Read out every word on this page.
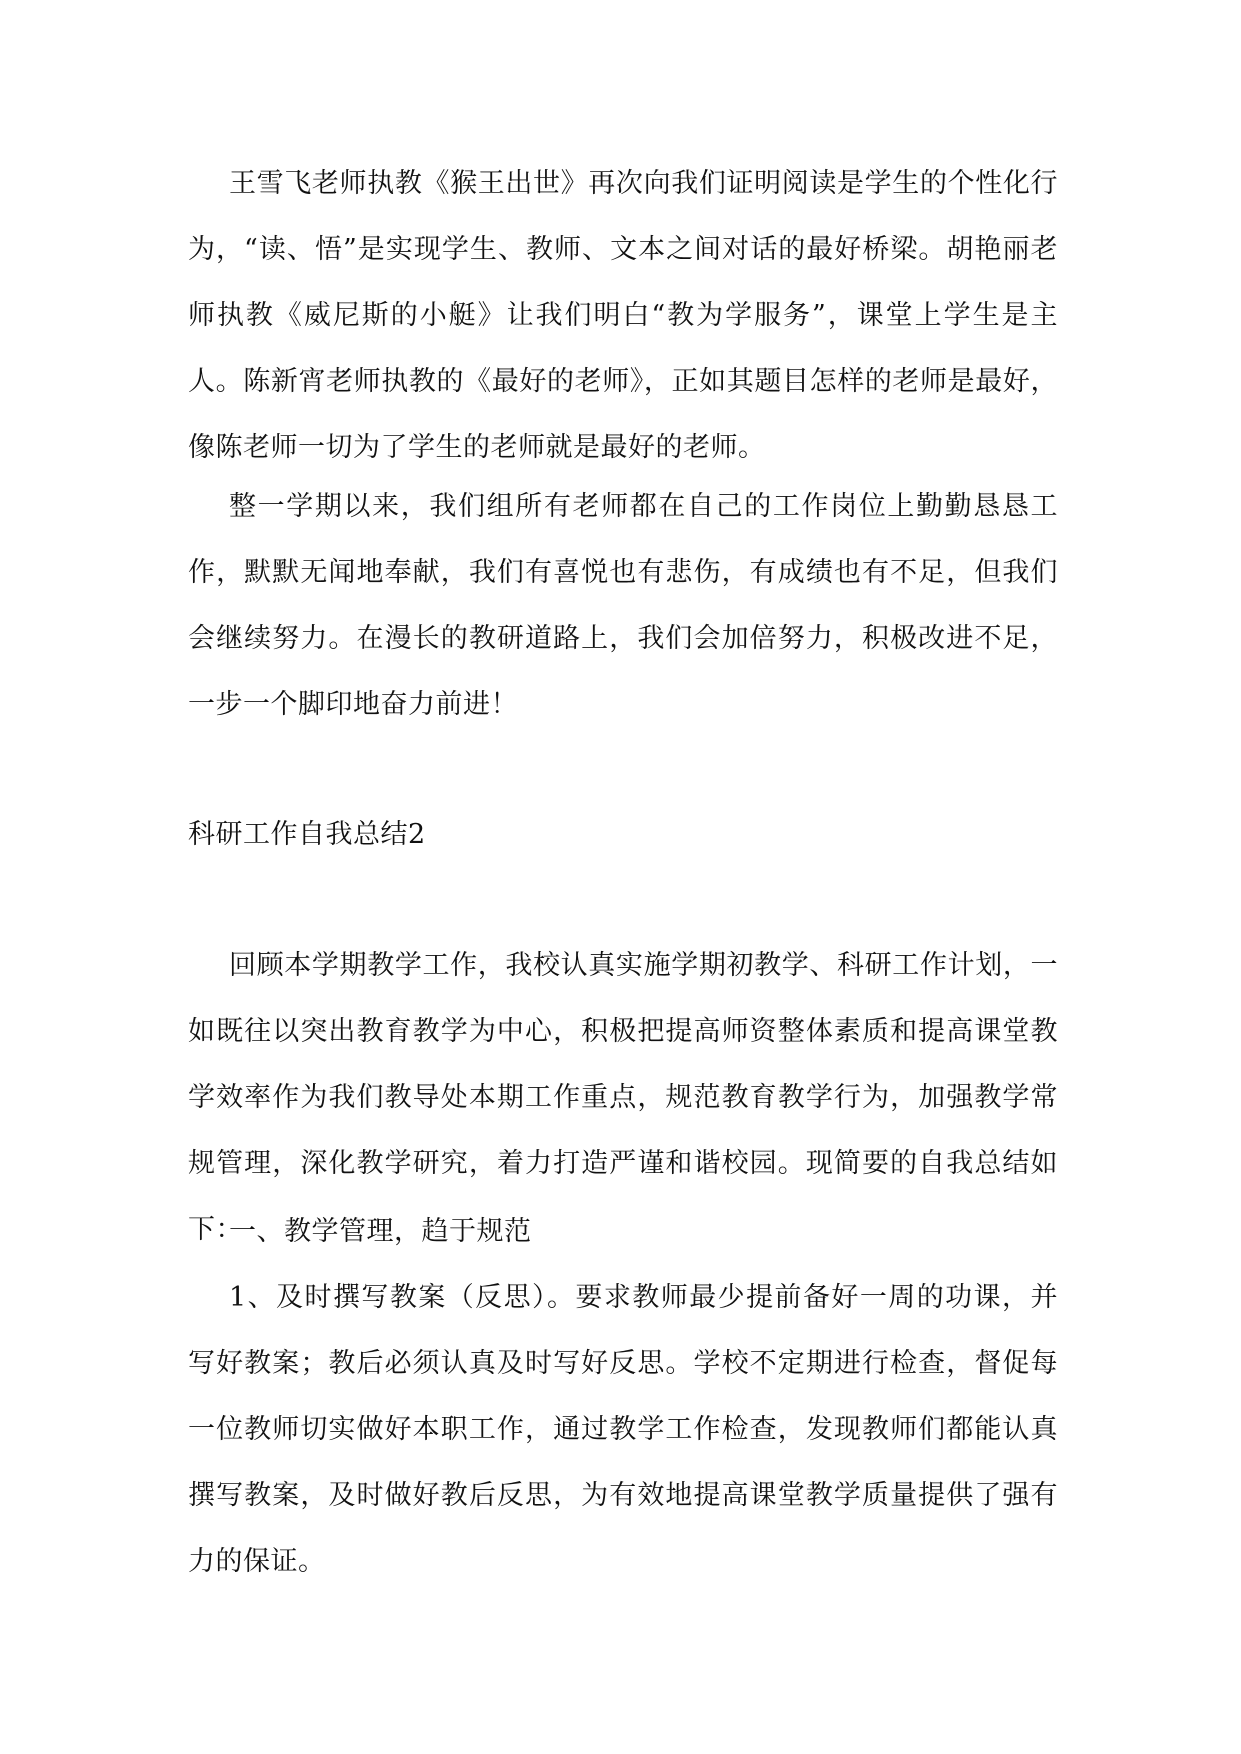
王雪飞老师执教《猴王出世》再次向我们证明阅读是学生的个性化行为，“读、悟”是实现学生、教师、文本之间对话的最好桥梁。胡艳丽老师执教《威尼斯的小艇》让我们明白“教为学服务”，课堂上学生是主人。陈新宵老师执教的《最好的老师》，正如其题目怎样的老师是最好，像陈老师一切为了学生的老师就是最好的老师。

整一学期以来，我们组所有老师都在自己的工作岗位上勤勤恳恳工作，默默无闻地奉献，我们有喜悦也有悲伤，有成绩也有不足，但我们会继续努力。在漫长的教研道路上，我们会加倍努力，积极改进不足，一步一个脚印地奋力前进！

科研工作自我总结2

回顾本学期教学工作，我校认真实施学期初教学、科研工作计划，一如既往以突出教育教学为中心，积极把提高师资整体素质和提高课堂教学效率作为我们教导处本期工作重点，规范教育教学行为，加强教学常规管理，深化教学研究，着力打造严谨和谐校园。现简要的自我总结如下：

一、教学管理，趋于规范

1、及时撰写教案（反思）。要求教师最少提前备好一周的功课，并写好教案；教后必须认真及时写好反思。学校不定期进行检查，督促每一位教师切实做好本职工作，通过教学工作检查，发现教师们都能认真撰写教案，及时做好教后反思，为有效地提高课堂教学质量提供了强有力的保证。
